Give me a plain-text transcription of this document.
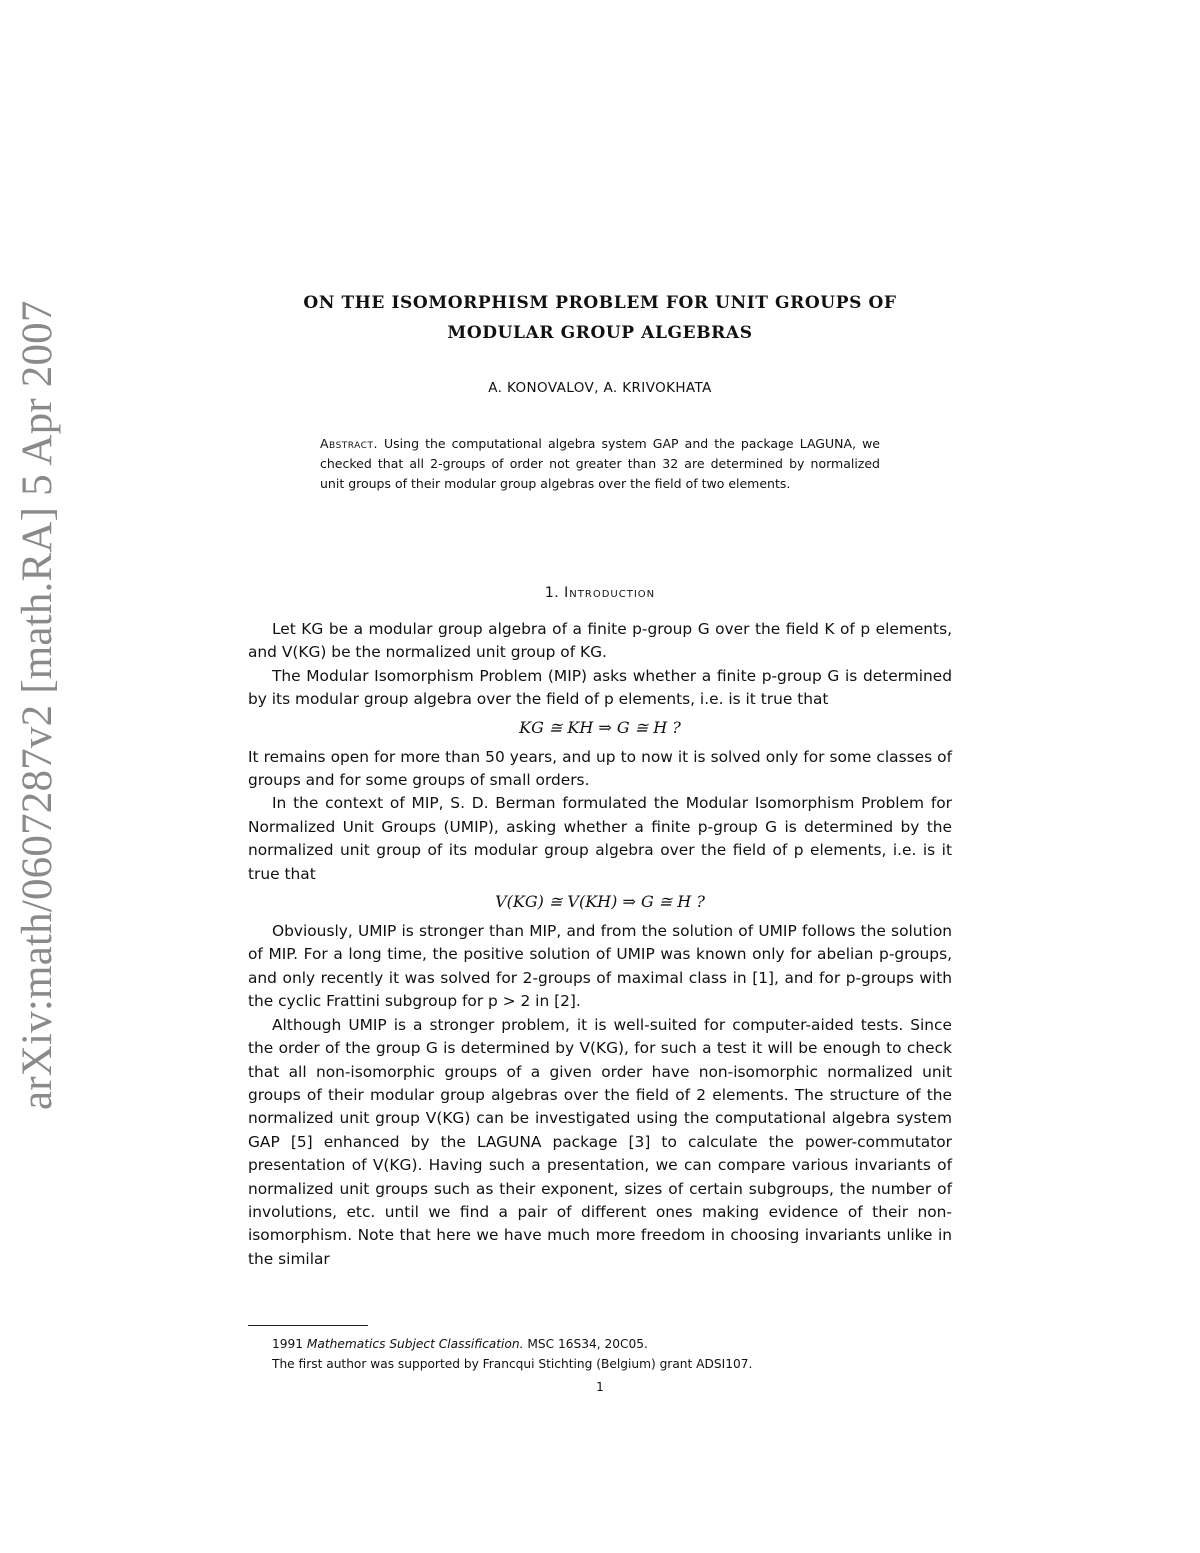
arXiv:math/0607287v2 [math.RA] 5 Apr 2007	ON THE ISOMORPHISM PROBLEM FOR UNIT GROUPS OF
MODULAR GROUP ALGEBRAS
A. KONOVALOV, A. KRIVOKHATA
Abstract. Using the computational algebra system GAP and the package LAGUNA, we checked that all 2-groups of order not greater than 32 are determined by normalized unit groups of their modular group algebras over the field of two elements.
1. Introduction

Let KG be a modular group algebra of a finite p-group G over the field K of p elements, and V(KG) be the normalized unit group of KG.

The Modular Isomorphism Problem (MIP) asks whether a finite p-group G is determined by its modular group algebra over the field of p elements, i.e. is it true that

KG ≅ KH ⇒ G ≅ H ?

It remains open for more than 50 years, and up to now it is solved only for some classes of groups and for some groups of small orders.

In the context of MIP, S. D. Berman formulated the Modular Isomorphism Problem for Normalized Unit Groups (UMIP), asking whether a finite p-group G is determined by the normalized unit group of its modular group algebra over the field of p elements, i.e. is it true that

V(KG) ≅ V(KH) ⇒ G ≅ H ?

Obviously, UMIP is stronger than MIP, and from the solution of UMIP follows the solution of MIP. For a long time, the positive solution of UMIP was known only for abelian p-groups, and only recently it was solved for 2-groups of maximal class in [1], and for p-groups with the cyclic Frattini subgroup for p > 2 in [2].

Although UMIP is a stronger problem, it is well-suited for computer-aided tests. Since the order of the group G is determined by V(KG), for such a test it will be enough to check that all non-isomorphic groups of a given order have non-isomorphic normalized unit groups of their modular group algebras over the field of 2 elements. The structure of the normalized unit group V(KG) can be investigated using the computational algebra system GAP [5] enhanced by the LAGUNA package [3] to calculate the power-commutator presentation of V(KG). Having such a presentation, we can compare various invariants of normalized unit groups such as their exponent, sizes of certain subgroups, the number of involutions, etc. until we find a pair of different ones making evidence of their non-isomorphism. Note that here we have much more freedom in choosing invariants unlike in the similar

1991 Mathematics Subject Classification. MSC 16S34, 20C05.
The first author was supported by Francqui Stichting (Belgium) grant ADSI107.
1
